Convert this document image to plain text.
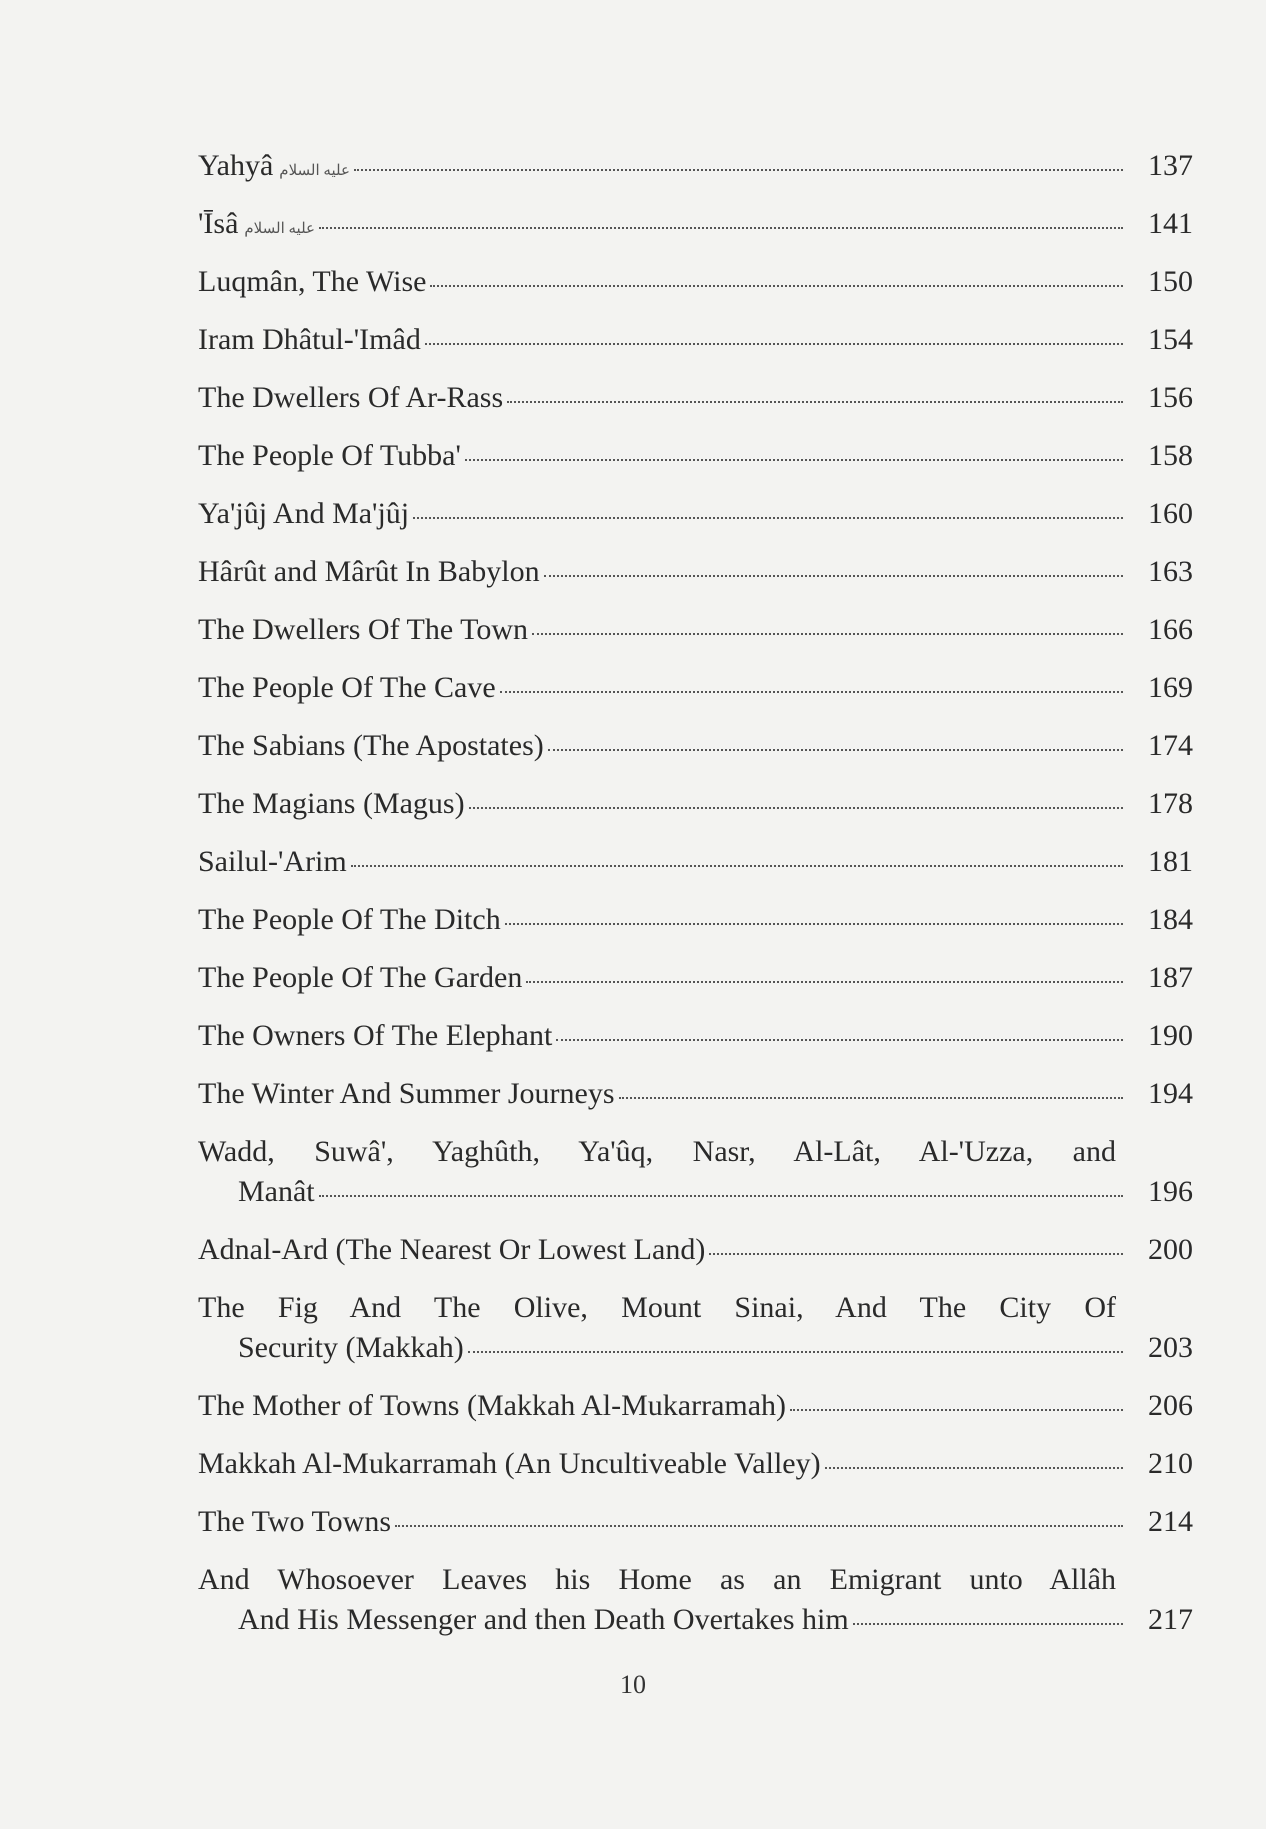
Yahyâ عليه السلام	137
'Īsâ عليه السلام	141
Luqmân, The Wise	150
Iram Dhâtul-'Imâd	154
The Dwellers Of Ar-Rass	156
The People Of Tubba'	158
Ya'jûj And Ma'jûj	160
Hârût and Mârût In Babylon	163
The Dwellers Of The Town	166
The People Of The Cave	169
The Sabians (The Apostates)	174
The Magians (Magus)	178
Sailul-'Arim	181
The People Of The Ditch	184
The People Of The Garden	187
The Owners Of The Elephant	190
The Winter And Summer Journeys	194
Wadd, Suwâ', Yaghûth, Ya'ûq, Nasr, Al-Lât, Al-'Uzza, and
Manât	196
Adnal-Ard (The Nearest Or Lowest Land)	200
The Fig And The Olive, Mount Sinai, And The City Of
Security (Makkah)	203
The Mother of Towns (Makkah Al-Mukarramah)	206
Makkah Al-Mukarramah (An Uncultiveable Valley)	210
The Two Towns	214
And Whosoever Leaves his Home as an Emigrant unto Allâh
And His Messenger and then Death Overtakes him	217
10
